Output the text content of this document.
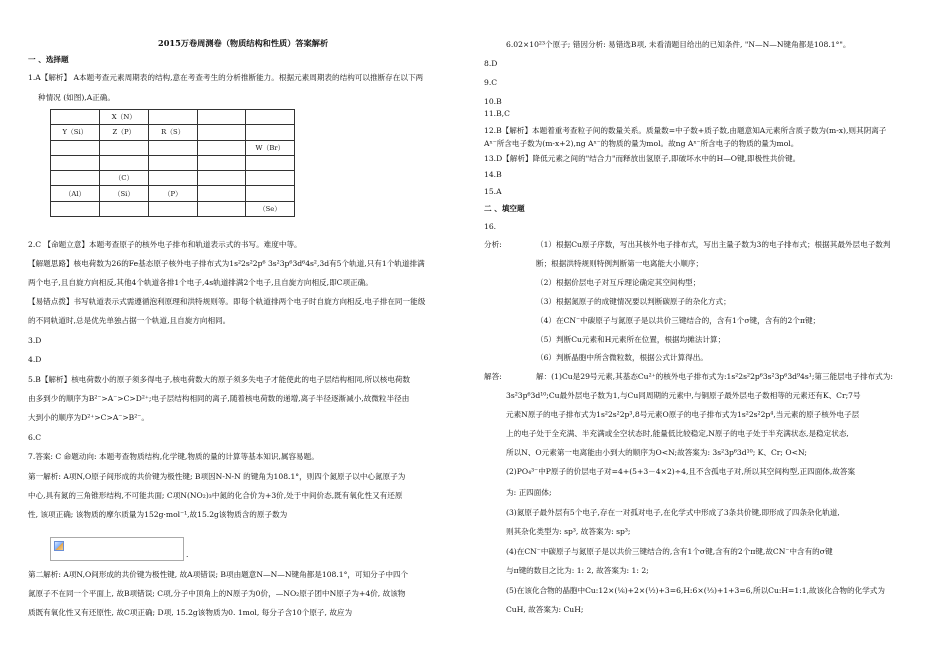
2015万卷周测卷（物质结构和性质）答案解析
一 、选择题
1.A【解析】 A本题考查元素周期表的结构,意在考查考生的分析推断能力。根据元素周期表的结构可以推断存在以下两
种情况 (如图),A正确。
	X（N）			
Y（Si）	Z（P）	R（S）		
				W（Br）

	（C）			
（Al）	（Si）	（P）		
				（Se）
2.C 【命题立意】本题考查原子的核外电子排布和轨道表示式的书写。难度中等。
【解题思路】核电荷数为26的Fe基态原子核外电子排布式为1s²2s²2p⁶ 3s²3p⁶3d⁶4s²,3d有5个轨道,只有1个轨道排满
两个电子,且自旋方向相反,其他4个轨道各排1个电子,4s轨道排满2个电子,且自旋方向相反,即C项正确。
【易错点拨】书写轨道表示式需遵循泡利原理和洪特规则等。即每个轨道排两个电子时自旋方向相反,电子排在同一能级
的不同轨道时,总是优先单独占据一个轨道,且自旋方向相同。
3.D
4.D
5.B【解析】核电荷数小的原子须多得电子,核电荷数大的原子须多失电子才能使此的电子层结构相同,所以核电荷数
由多到少的顺序为B²⁻>A⁻>C>D²⁺;电子层结构相同的离子,随着核电荷数的递增,离子半径逐渐减小,故微粒半径由
大到小的顺序为D²⁺>C>A⁻>B²⁻。
6.C
7.答案: C 命题动向: 本题考查物质结构,化学键,物质的量的计算等基本知识,属容易题。
第一解析: A项N,O原子间形成的共价键为极性键; B项因N-N-N 的键角为108.1°，则四个氮原子以中心氮原子为
中心,具有氮的三角锥形结构,不可能共面; C项N(NO₂)₃中氮的化合价为+3价,处于中间价态,既有氧化性又有还原
性, 该项正确; 该物质的摩尔质量为152g·mol⁻¹,故15.2g该物质含的原子数为
.
第二解析: A项N,O间形成的共价键为极性键, 故A项错误; B项由题意N—N—N键角都是108.1°，可知分子中四个
氮原子不在同一个平面上, 故B项错误; C项,分子中顶角上的N原子为0价，—NO₂原子团中N原子为+4价, 故该物
质既有氧化性又有还原性, 故C项正确; D项, 15.2g该物质为0. 1mol, 每分子含10个原子, 故应为
6.02×10²³个原子; 错因分析: 易错选B项, 未看清题目给出的已知条件, "N—N—N键角都是108.1°"。
8.D
9.C
10.B
11.B,C
12.B【解析】本题着重考查粒子间的数量关系。质量数=中子数+质子数,由题意知A元素所含质子数为(m-x),则其阴离子
Aˣ⁻所含电子数为(m-x+2),ng Aˣ⁻的物质的量为mol。故ng Aˣ⁻所含电子的物质的量为mol。
13.D【解析】降低元素之间的"结合力"而释放出氢原子,即破坏水中的H—O键,即极性共价键。
14.B
15.A
二 、填空题
16.
分析:	（1）根据Cu原子序数，写出其核外电子排布式，写出主量子数为3的电子排布式；根据其最外层电子数判
断；根据洪特规则特例判断第一电离能大小顺序；
（2）根据价层电子对互斥理论确定其空间构型；
（3）根据氮原子的成键情况要以判断碳原子的杂化方式；
（4）在CN⁻中碳原子与氮原子是以共价三键结合的，含有1个σ键，含有的2个π键；
（5）判断Cu元素和H元素所在位置，根据均摊法计算；
（6）判断晶胞中所含微粒数，根据公式计算得出。
解答:	解：(1)Cu是29号元素,其基态Cu²⁺的核外电子排布式为:1s²2s²2p⁶3s²3p⁶3d⁹4s¹;第三能层电子排布式为:
3s²3p⁶3d¹⁰;Cu最外层电子数为1,与Cu同周期的元素中,与铜原子最外层电子数相等的元素还有K、Cr;7号
元素N原子的电子排布式为1s²2s²2p³,8号元素O原子的电子排布式为1s²2s²2p⁴,当元素的原子核外电子层
上的电子处于全充满、半充满或全空状态时,能量低比较稳定,N原子的电子处于半充满状态,是稳定状态,
所以N、O元素第一电离能由小到大的顺序为O<N;故答案为: 3s²3p⁶3d¹⁰; K、Cr; O<N;
(2)PO₄³⁻中P原子的价层电子对=4+(5+3－4×2)÷4,且不含孤电子对,所以其空间构型,正四面体,故答案
为: 正四面体;
(3)氮原子最外层有5个电子,存在一对孤对电子,在化学式中形成了3条共价键,即形成了四条杂化轨道,
则其杂化类型为: sp³, 故答案为: sp³;
(4)在CN⁻中碳原子与氮原子是以共价三键结合的,含有1个σ键,含有的2个π键,故CN⁻中含有的σ键
与π键的数目之比为: 1: 2, 故答案为: 1: 2;
(5)在该化合物的晶胞中Cu:12×(⅙)+2×(½)+3=6,H:6×(⅓)+1+3=6,所以Cu:H=1:1,故该化合物的化学式为
CuH, 故答案为: CuH;
